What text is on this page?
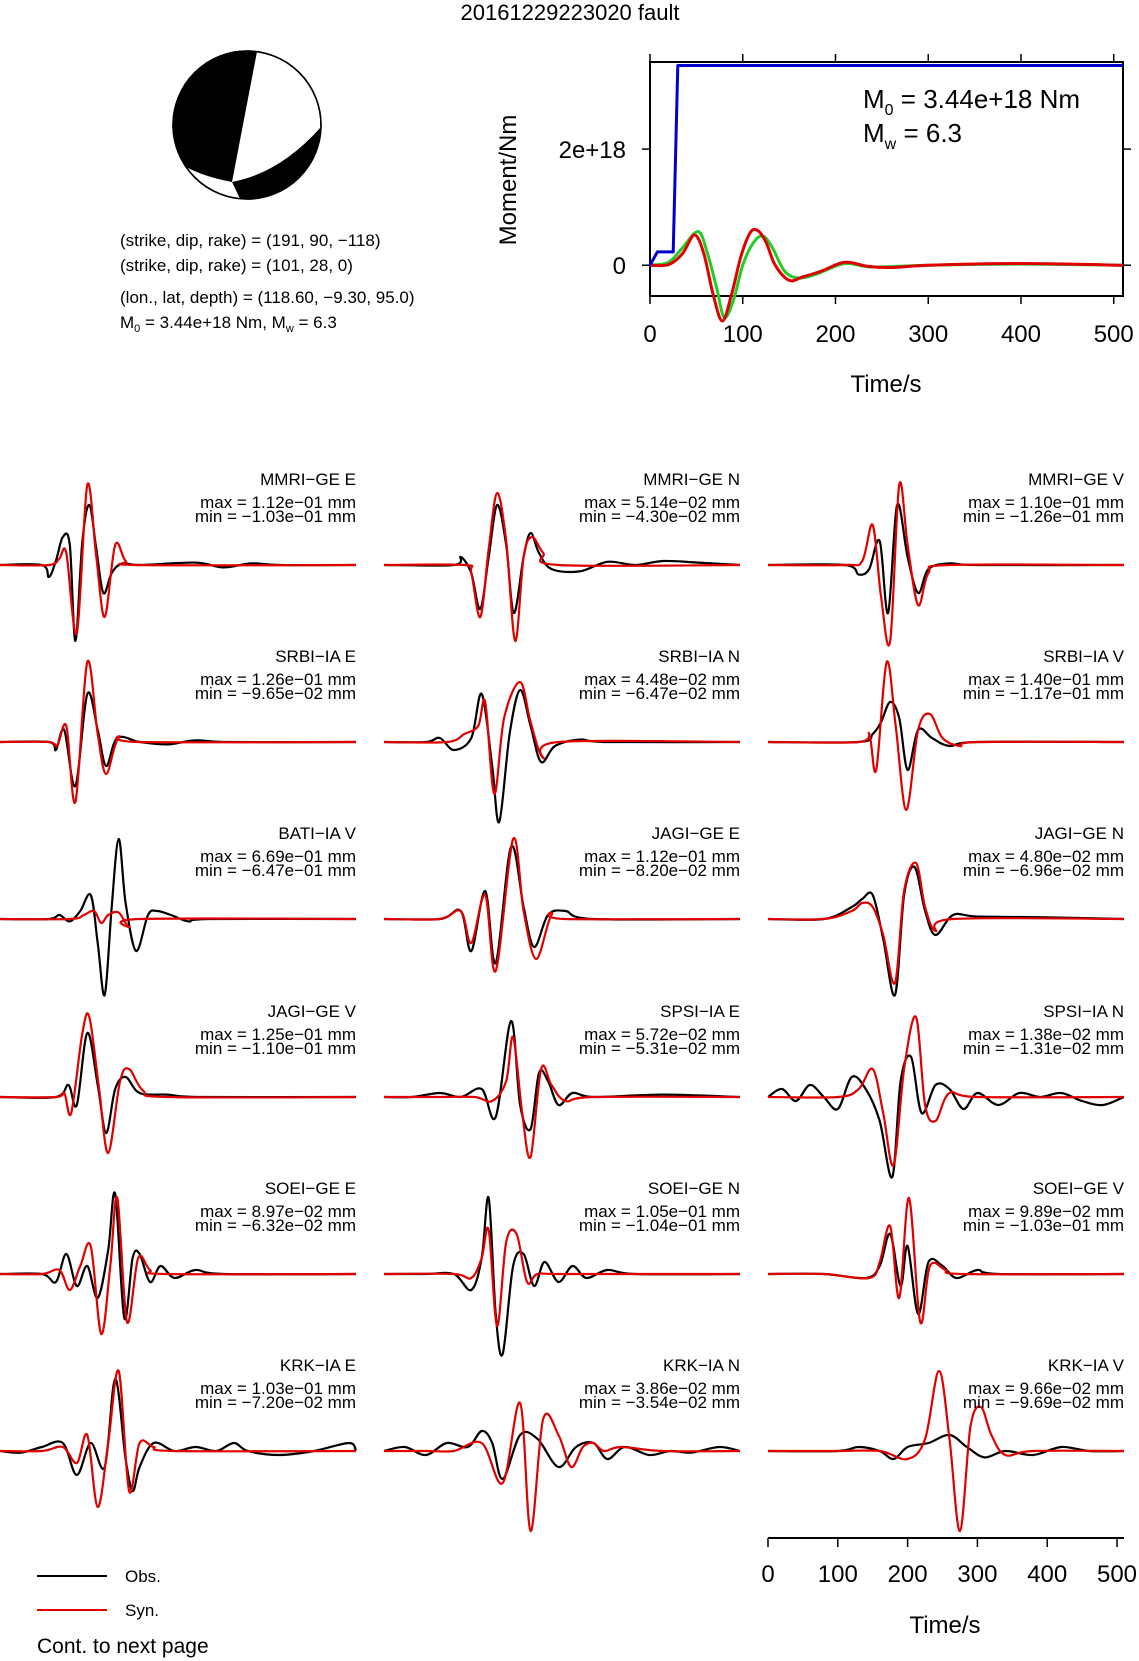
20161229223020 fault
(strike, dip, rake) = (191, 90, −118)
(strike, dip, rake) = (101, 28, 0)
(lon., lat, depth) = (118.60, −9.30, 95.0)
$M_0 = 3.44e+18$ Nm, $M_w = 6.3$	0	100 200 300 400 500
0
2e+18
Moment/Nm
Time/s
$M_0 = 3.44e+18$ Nm
$M_w = 6.3$
MMRI−GE E
max = 1.12e−01 mm
min = −1.03e−01 mm
MMRI−GE N
max = 5.14e−02 mm
min = −4.30e−02 mm
MMRI−GE V
max = 1.10e−01 mm
min = −1.26e−01 mm
SRBI−IA E
max = 1.26e−01 mm
min = −9.65e−02 mm
SRBI−IA N
max = 4.48e−02 mm
min = −6.47e−02 mm
SRBI−IA V
max = 1.40e−01 mm
min = −1.17e−01 mm
BATI−IA V
max = 6.69e−01 mm
min = −6.47e−01 mm
JAGI−GE E
max = 1.12e−01 mm
min = −8.20e−02 mm
JAGI−GE N
max = 4.80e−02 mm
min = −6.96e−02 mm
JAGI−GE V
max = 1.25e−01 mm
min = −1.10e−01 mm
SPSI−IA E
max = 5.72e−02 mm
min = −5.31e−02 mm
SPSI−IA N
max = 1.38e−02 mm
min = −1.31e−02 mm
SOEI−GE E
max = 8.97e−02 mm
min = −6.32e−02 mm
SOEI−GE N
max = 1.05e−01 mm
min = −1.04e−01 mm
SOEI−GE V
max = 9.89e−02 mm
min = −1.03e−01 mm
KRK−IA E
max = 1.03e−01 mm
min = −7.20e−02 mm
KRK−IA N
max = 3.86e−02 mm
min = −3.54e−02 mm
KRK−IA V
max = 9.66e−02 mm
min = −9.69e−02 mm
0 100 200 300 400 500
Time/s
Obs.
Syn.
Cont. to next page
